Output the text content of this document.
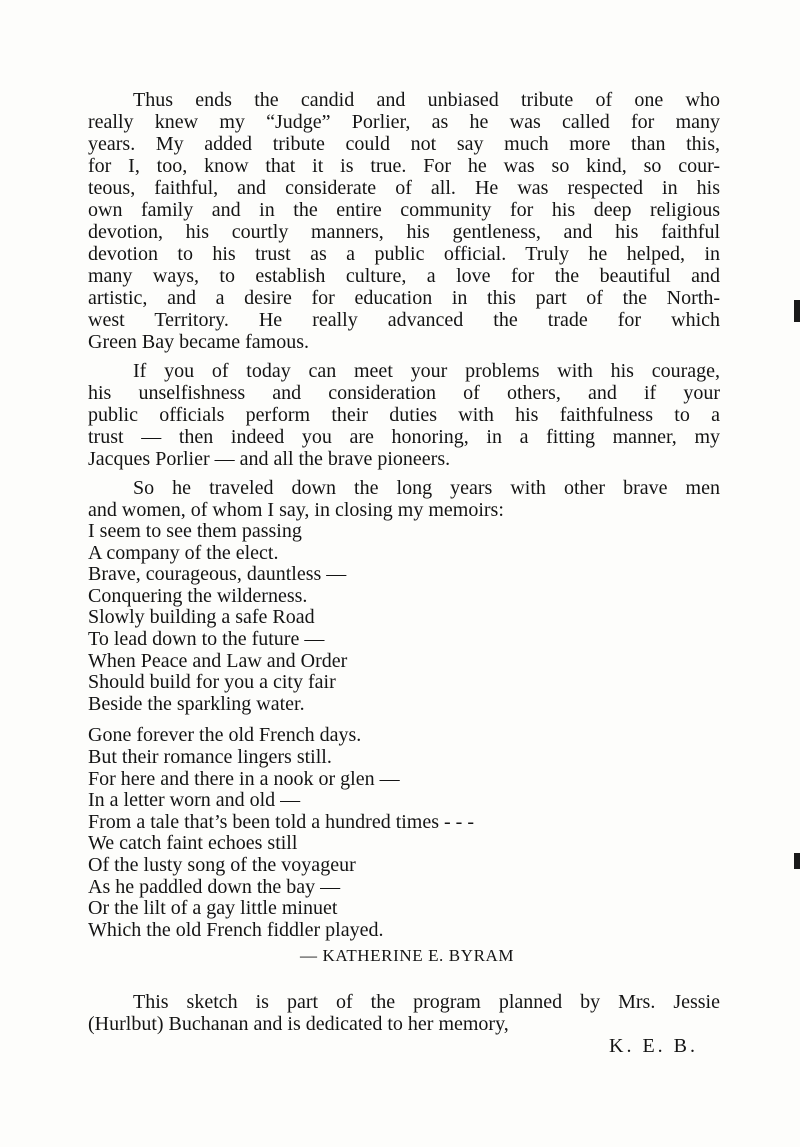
Thus ends the candid and unbiased tribute of one who
really knew my “Judge” Porlier, as he was called for many
years. My added tribute could not say much more than this,
for I, too, know that it is true. For he was so kind, so cour-
teous, faithful, and considerate of all. He was respected in his
own family and in the entire community for his deep religious
devotion, his courtly manners, his gentleness, and his faithful
devotion to his trust as a public official. Truly he helped, in
many ways, to establish culture, a love for the beautiful and
artistic, and a desire for education in this part of the North-
west Territory. He really advanced the trade for which
Green Bay became famous.

If you of today can meet your problems with his courage,
his unselfishness and consideration of others, and if your
public officials perform their duties with his faithfulness to a
trust — then indeed you are honoring, in a fitting manner, my
Jacques Porlier — and all the brave pioneers.

So he traveled down the long years with other brave men
and women, of whom I say, in closing my memoirs:

I seem to see them passing
A company of the elect.
Brave, courageous, dauntless —
Conquering the wilderness.
Slowly building a safe Road
To lead down to the future —
When Peace and Law and Order
Should build for you a city fair
Beside the sparkling water.

Gone forever the old French days.
But their romance lingers still.
For here and there in a nook or glen —
In a letter worn and old —
From a tale that’s been told a hundred times - - -
We catch faint echoes still
Of the lusty song of the voyageur
As he paddled down the bay —
Or the lilt of a gay little minuet
Which the old French fiddler played.

— KATHERINE E. BYRAM

This sketch is part of the program planned by Mrs. Jessie
(Hurlbut) Buchanan and is dedicated to her memory,

K. E. B.
